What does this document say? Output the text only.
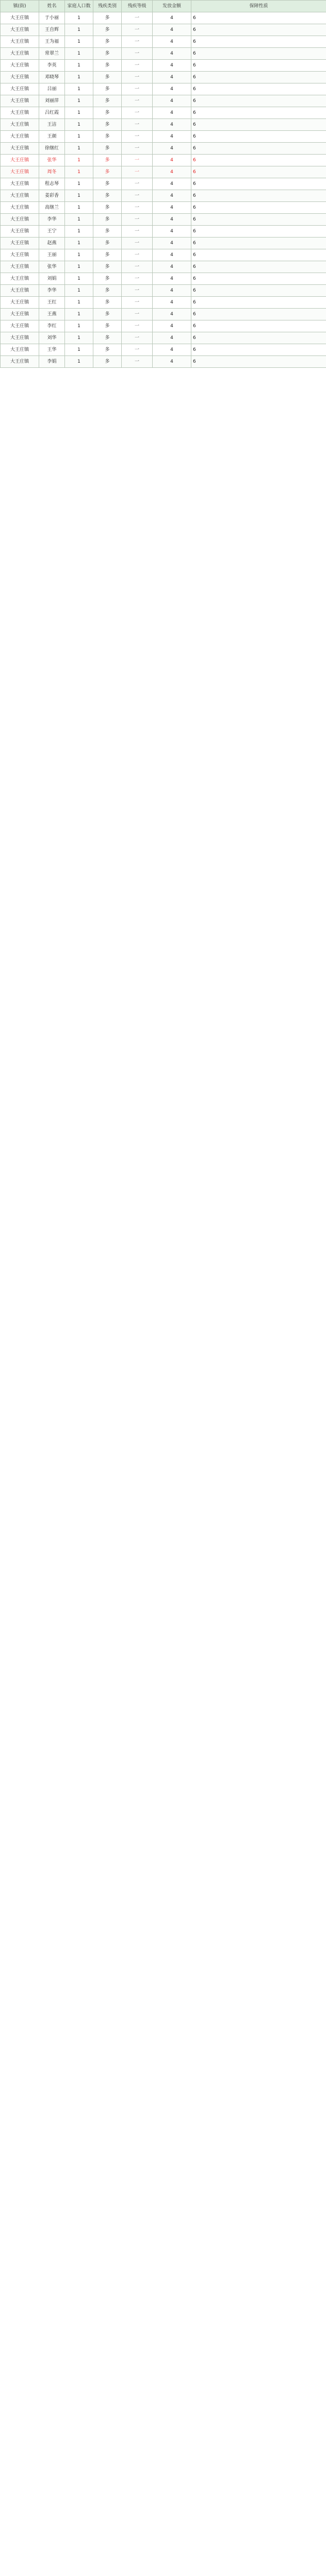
镇(街)	姓名	家庭人口数	残疾类别	残疾等级	发放金额	保障性质
大王庄镇	于小丽	1	多	一	4	6
大王庄镇	王自辉	1	多	一	4	6
大王庄镇	王为福	1	多	一	4	6
大王庄镇	常翠兰	1	多	一	4	6
大王庄镇	李英	1	多	一	4	6
大王庄镇	邓晓琴	1	多	一	4	6
大王庄镇	吕丽	1	多	一	4	6
大王庄镇	刘丽萍	1	多	一	4	6
大王庄镇	吕红霞	1	多	一	4	6
大王庄镇	王洁	1	多	一	4	6
大王庄镇	王颜	1	多	一	4	6
大王庄镇	徐继红	1	多	一	4	6
大王庄镇	张华	1	多	一	4	6
大王庄镇	周冬	1	多	一	4	6
大王庄镇	程志琴	1	多	一	4	6
大王庄镇	姜彩香	1	多	一	4	6
大王庄镇	高继兰	1	多	一	4	6
大王庄镇	李华	1	多	一	4	6
大王庄镇	王宁	1	多	一	4	6
大王庄镇	赵燕	1	多	一	4	6
大王庄镇	王丽	1	多	一	4	6
大王庄镇	张华	1	多	一	4	6
大王庄镇	刘娟	1	多	一	4	6
大王庄镇	李华	1	多	一	4	6
大王庄镇	王红	1	多	一	4	6
大王庄镇	王燕	1	多	一	4	6
大王庄镇	李红	1	多	一	4	6
大王庄镇	刘华	1	多	一	4	6
大王庄镇	王华	1	多	一	4	6
大王庄镇	李娟	1	多	一	4	6
